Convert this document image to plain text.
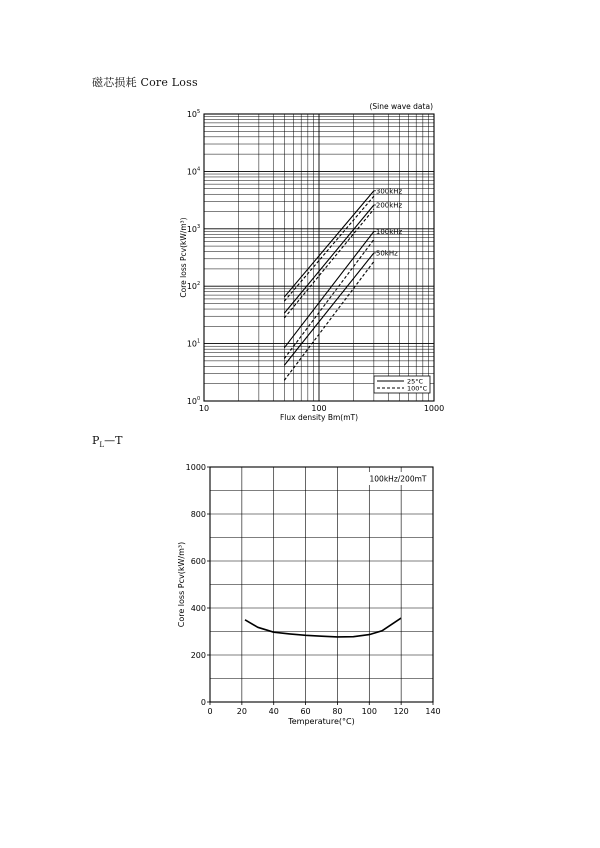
磁芯损耗 Core Loss
$P_L—T$
10	100	1000
10 0
10 1
10 2
10 3
10 4
10 5
Flux density Bm(mT)
Core loss Pcv(kW/m³)
(Sine wave data)
300kHz
200kHz
100kHz
50kHz
25°C
100°C
0	20	40	60	80 100 120 140
0
200
400
600
800
1000
Temperature(°C)
Core loss Pcv(kW/m³)
100kHz/200mT
